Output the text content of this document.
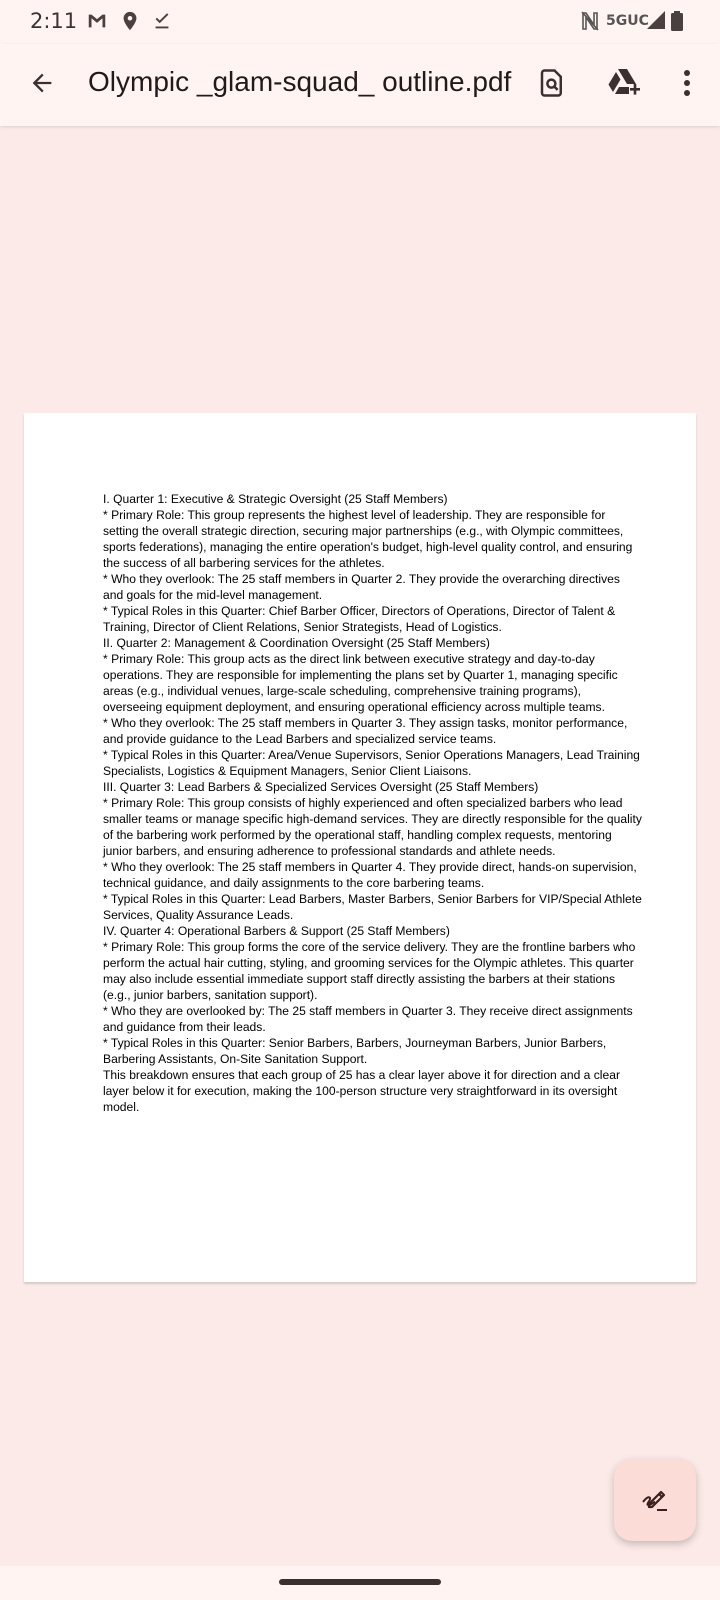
2:11	5GUC
Olympic _glam-squad_ outline.pdf

I. Quarter 1: Executive & Strategic Oversight (25 Staff Members)

* Primary Role: This group represents the highest level of leadership. They are responsible for setting the overall strategic direction, securing major partnerships (e.g., with Olympic committees, sports federations), managing the entire operation's budget, high-level quality control, and ensuring the success of all barbering services for the athletes.

* Who they overlook: The 25 staff members in Quarter 2. They provide the overarching directives and goals for the mid-level management.

* Typical Roles in this Quarter: Chief Barber Officer, Directors of Operations, Director of Talent & Training, Director of Client Relations, Senior Strategists, Head of Logistics.

II. Quarter 2: Management & Coordination Oversight (25 Staff Members)

* Primary Role: This group acts as the direct link between executive strategy and day-to-day operations. They are responsible for implementing the plans set by Quarter 1, managing specific areas (e.g., individual venues, large-scale scheduling, comprehensive training programs), overseeing equipment deployment, and ensuring operational efficiency across multiple teams.

* Who they overlook: The 25 staff members in Quarter 3. They assign tasks, monitor performance, and provide guidance to the Lead Barbers and specialized service teams.

* Typical Roles in this Quarter: Area/Venue Supervisors, Senior Operations Managers, Lead Training Specialists, Logistics & Equipment Managers, Senior Client Liaisons.

III. Quarter 3: Lead Barbers & Specialized Services Oversight (25 Staff Members)

* Primary Role: This group consists of highly experienced and often specialized barbers who lead smaller teams or manage specific high-demand services. They are directly responsible for the quality of the barbering work performed by the operational staff, handling complex requests, mentoring junior barbers, and ensuring adherence to professional standards and athlete needs.

* Who they overlook: The 25 staff members in Quarter 4. They provide direct, hands-on supervision, technical guidance, and daily assignments to the core barbering teams.

* Typical Roles in this Quarter: Lead Barbers, Master Barbers, Senior Barbers for VIP/Special Athlete Services, Quality Assurance Leads.

IV. Quarter 4: Operational Barbers & Support (25 Staff Members)

* Primary Role: This group forms the core of the service delivery. They are the frontline barbers who perform the actual hair cutting, styling, and grooming services for the Olympic athletes. This quarter may also include essential immediate support staff directly assisting the barbers at their stations (e.g., junior barbers, sanitation support).

* Who they are overlooked by: The 25 staff members in Quarter 3. They receive direct assignments and guidance from their leads.

* Typical Roles in this Quarter: Senior Barbers, Barbers, Journeyman Barbers, Junior Barbers, Barbering Assistants, On-Site Sanitation Support.

This breakdown ensures that each group of 25 has a clear layer above it for direction and a clear layer below it for execution, making the 100-person structure very straightforward in its oversight model.
